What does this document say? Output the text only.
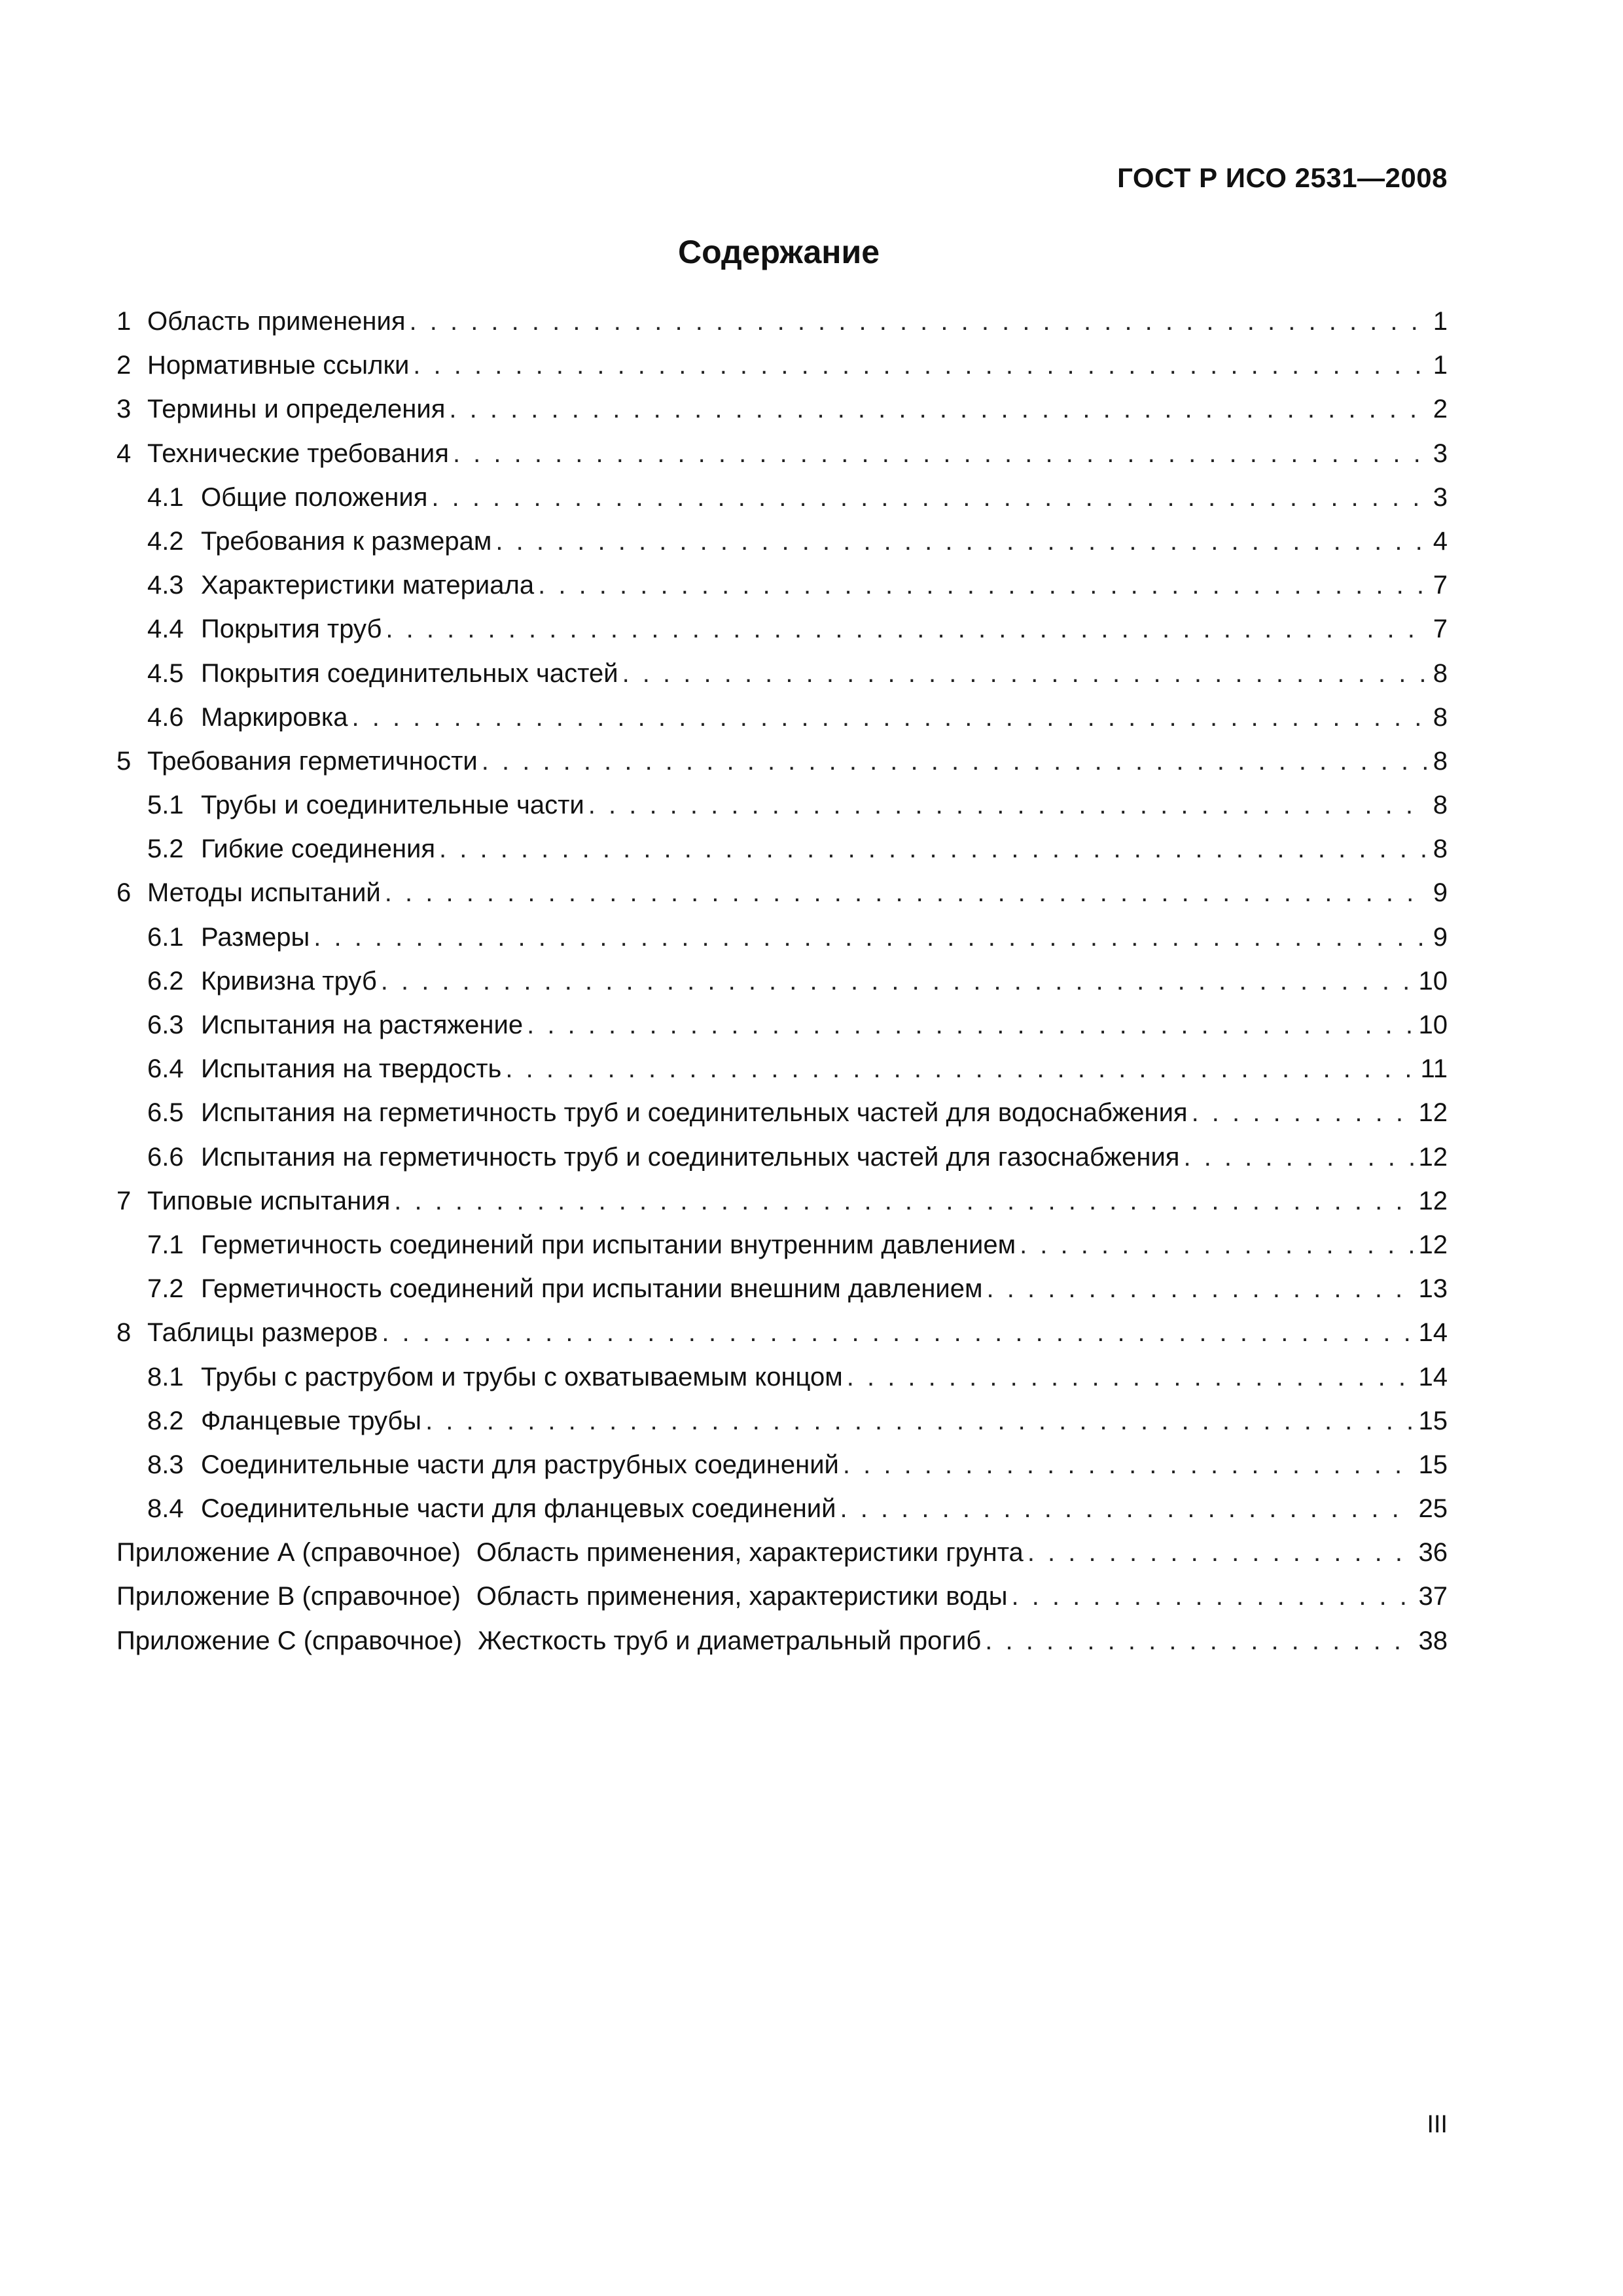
ГОСТ Р ИСО 2531—2008
Содержание
1 Область применения . . .	1
2 Нормативные ссылки . . .	1
3 Термины и определения . . .	2
4 Технические требования . . .	3
4.1 Общие положения . . .	3
4.2 Требования к размерам . . .	4
4.3 Характеристики материала . . .	7
4.4 Покрытия труб . . .	7
4.5 Покрытия соединительных частей . . .	8
4.6 Маркировка . . .	8
5 Требования герметичности . . .	8
5.1 Трубы и соединительные части . . .	8
5.2 Гибкие соединения . . .	8
6 Методы испытаний . . .	9
6.1 Размеры . . .	9
6.2 Кривизна труб . . .	10
6.3 Испытания на растяжение . . .	10
6.4 Испытания на твердость . . .	11
6.5 Испытания на герметичность труб и соединительных частей для водоснабжения . . .	12
6.6 Испытания на герметичность труб и соединительных частей для газоснабжения . . .	12
7 Типовые испытания . . .	12
7.1 Герметичность соединений при испытании внутренним давлением . . .	12
7.2 Герметичность соединений при испытании внешним давлением . . .	13
8 Таблицы размеров . . .	14
8.1 Трубы с раструбом и трубы с охватываемым концом . . .	14
8.2 Фланцевые трубы . . .	15
8.3 Соединительные части для раструбных соединений . . .	15
8.4 Соединительные части для фланцевых соединений . . .	25
Приложение А (справочное) Область применения, характеристики грунта . . .	36
Приложение В (справочное) Область применения, характеристики воды . . .	37
Приложение С (справочное) Жесткость труб и диаметральный прогиб . . .	38
III
